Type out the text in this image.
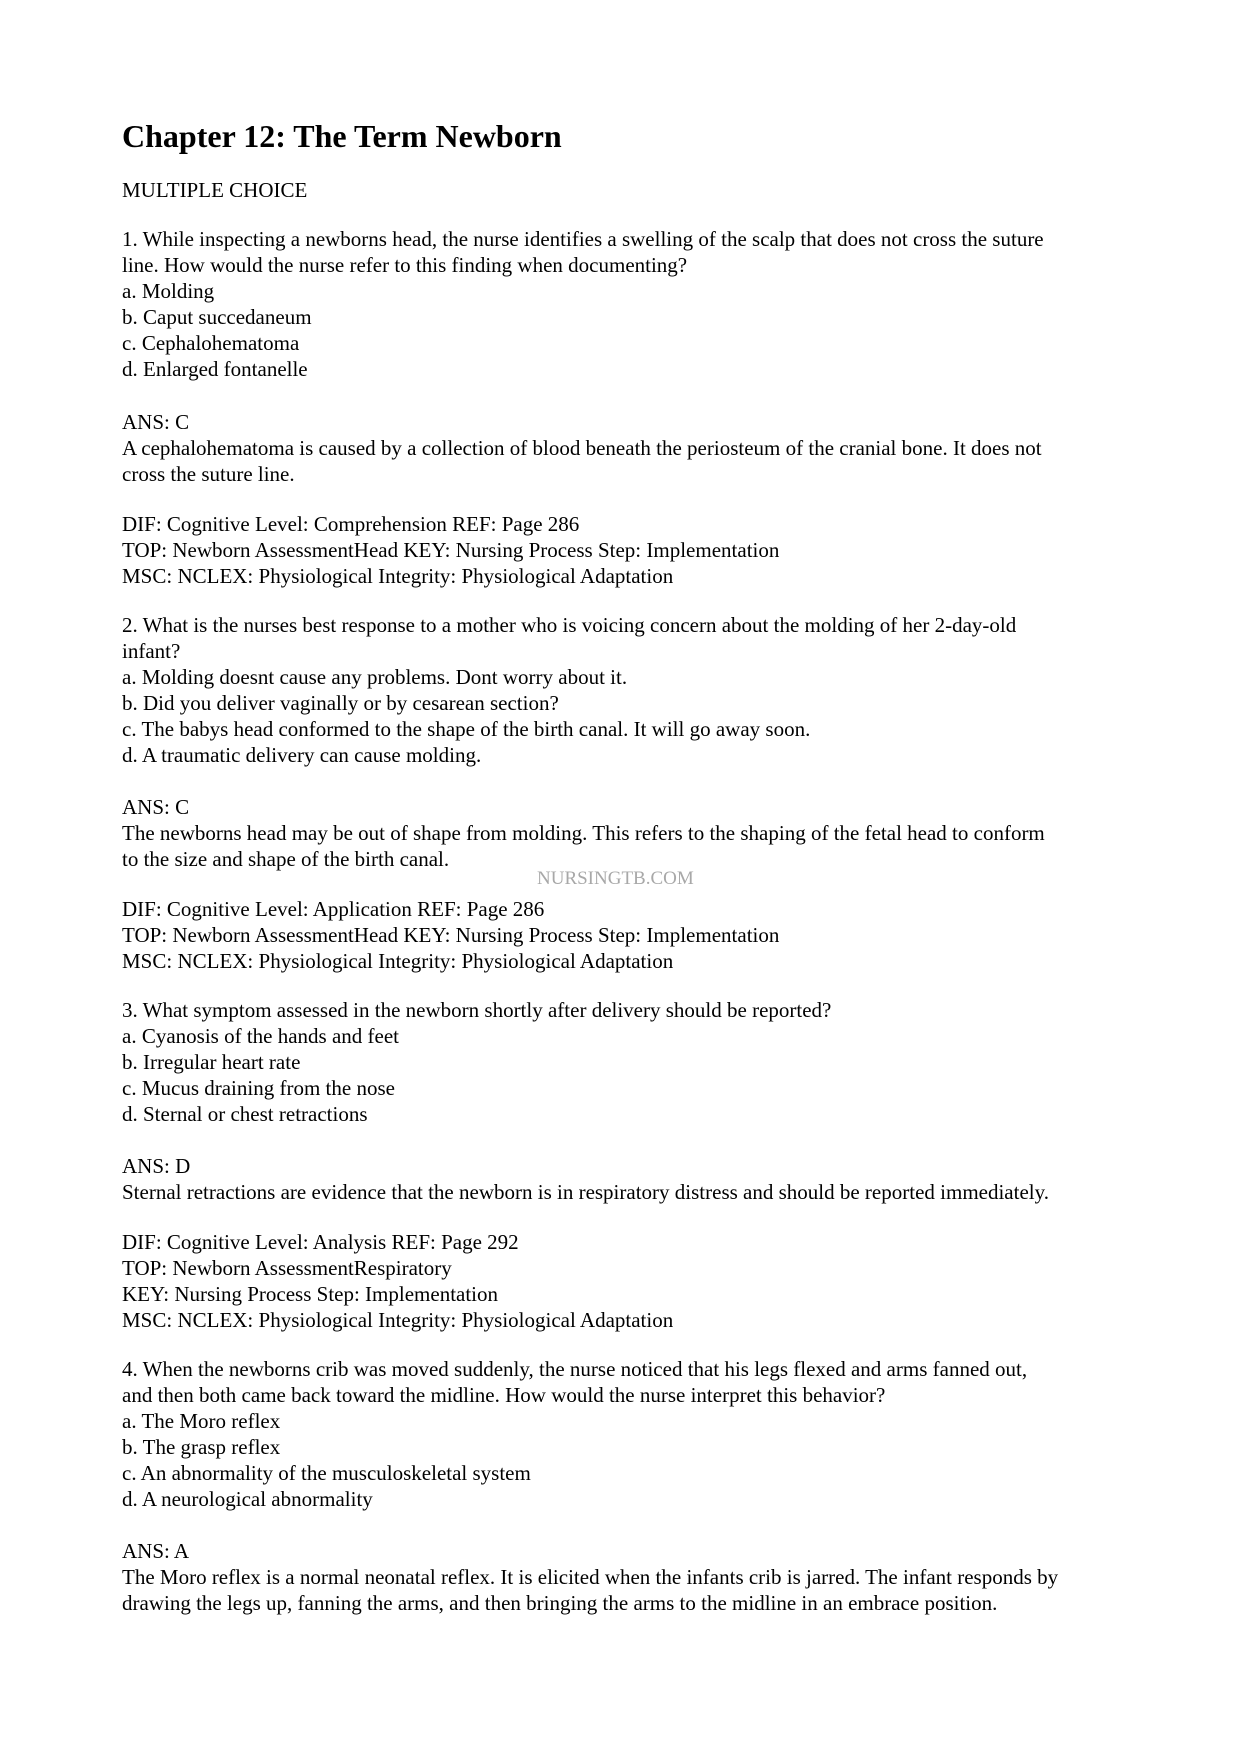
Chapter 12: The Term Newborn
MULTIPLE CHOICE
1. While inspecting a newborns head, the nurse identifies a swelling of the scalp that does not cross the suture
line. How would the nurse refer to this finding when documenting?
a. Molding
b. Caput succedaneum
c. Cephalohematoma
d. Enlarged fontanelle
ANS: C
A cephalohematoma is caused by a collection of blood beneath the periosteum of the cranial bone. It does not
cross the suture line.
DIF: Cognitive Level: Comprehension REF: Page 286
TOP: Newborn AssessmentHead KEY: Nursing Process Step: Implementation
MSC: NCLEX: Physiological Integrity: Physiological Adaptation
2. What is the nurses best response to a mother who is voicing concern about the molding of her 2-day-old
infant?
a. Molding doesnt cause any problems. Dont worry about it.
b. Did you deliver vaginally or by cesarean section?
c. The babys head conformed to the shape of the birth canal. It will go away soon.
d. A traumatic delivery can cause molding.
ANS: C
The newborns head may be out of shape from molding. This refers to the shaping of the fetal head to conform
to the size and shape of the birth canal.
NURSINGTB.COM
DIF: Cognitive Level: Application REF: Page 286
TOP: Newborn AssessmentHead KEY: Nursing Process Step: Implementation
MSC: NCLEX: Physiological Integrity: Physiological Adaptation
3. What symptom assessed in the newborn shortly after delivery should be reported?
a. Cyanosis of the hands and feet
b. Irregular heart rate
c. Mucus draining from the nose
d. Sternal or chest retractions
ANS: D
Sternal retractions are evidence that the newborn is in respiratory distress and should be reported immediately.
DIF: Cognitive Level: Analysis REF: Page 292
TOP: Newborn AssessmentRespiratory
KEY: Nursing Process Step: Implementation
MSC: NCLEX: Physiological Integrity: Physiological Adaptation
4. When the newborns crib was moved suddenly, the nurse noticed that his legs flexed and arms fanned out,
and then both came back toward the midline. How would the nurse interpret this behavior?
a. The Moro reflex
b. The grasp reflex
c. An abnormality of the musculoskeletal system
d. A neurological abnormality
ANS: A
The Moro reflex is a normal neonatal reflex. It is elicited when the infants crib is jarred. The infant responds by
drawing the legs up, fanning the arms, and then bringing the arms to the midline in an embrace position.
